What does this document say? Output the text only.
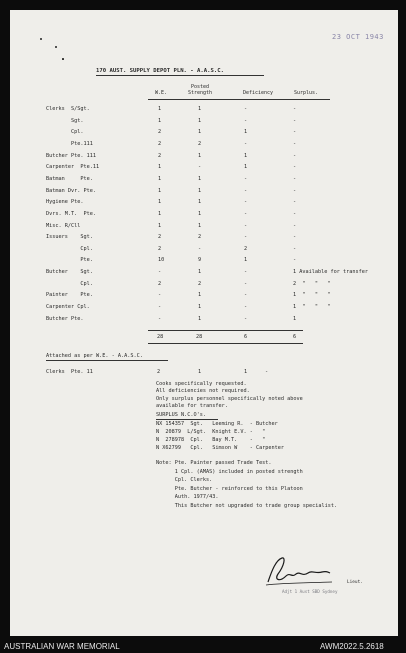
23 OCT 1943
170 AUST. SUPPLY DEPOT PLN. - A.A.S.C.
W.E.
Posted
Strength	Deficiency	Surplus.
Clerks  S/Sgt.	1	1	-	-
Sgt.	1	1	-	-
Cpl.	2	1	1	-
Pte.111	2	2	-	-
Butcher Pte. 111	2	1	1	-
Carpenter  Pte.11	1	-	1	-
Batman     Pte.	1	1	-	-
Batman Dvr. Pte.	1	1	-	-
Hygiene Pte.	1	1	-	-
Dvrs. M.T.  Pte.	1	1	-	-
Misc. R/Cll	1	1	-	-
Issuers    Sgt.	2	2	-	-
Cpl.	2	-	2	-
Pte.	10	9	1	-
Butcher    Sgt.	-	1	-	1 Available for transfer
Cpl.	2	2	-	2  "   "   "
Painter    Pte.	-	1	-	1  "   "   "
Carpenter Cpl.	-	1	-	1  "   "   "
Butcher Pte.	-	1	-	1
28	28	6	6
Attached as per W.E. - A.A.S.C.
Clerks  Pte. 11	2	1	1	-
Cooks specifically requested.
All deficiencies not required.
Only surplus personnel specifically noted above
available for transfer.
SURPLUS N.C.O's.
NX 154357  Sgt.   Leeming R.  - Butcher
N  20879  L/Sgt.  Knight E.V. -   "
N  278978  Cpl.   Bay M.T.    -   "
N X62799   Cpl.   Simson W    - Carpenter
Note: Pte. Painter passed Trade Test.
1 Cpl. (AMAS) included in posted strength
Cpl. Clerks.
Pte. Butcher - reinforced to this Platoon
Auth. 1977/43.
This Butcher not upgraded to trade group specialist.
Lieut.
Adjt 1 Aust SBD Sydney
AUSTRALIAN WAR MEMORIAL	AWM2022.5.2618
